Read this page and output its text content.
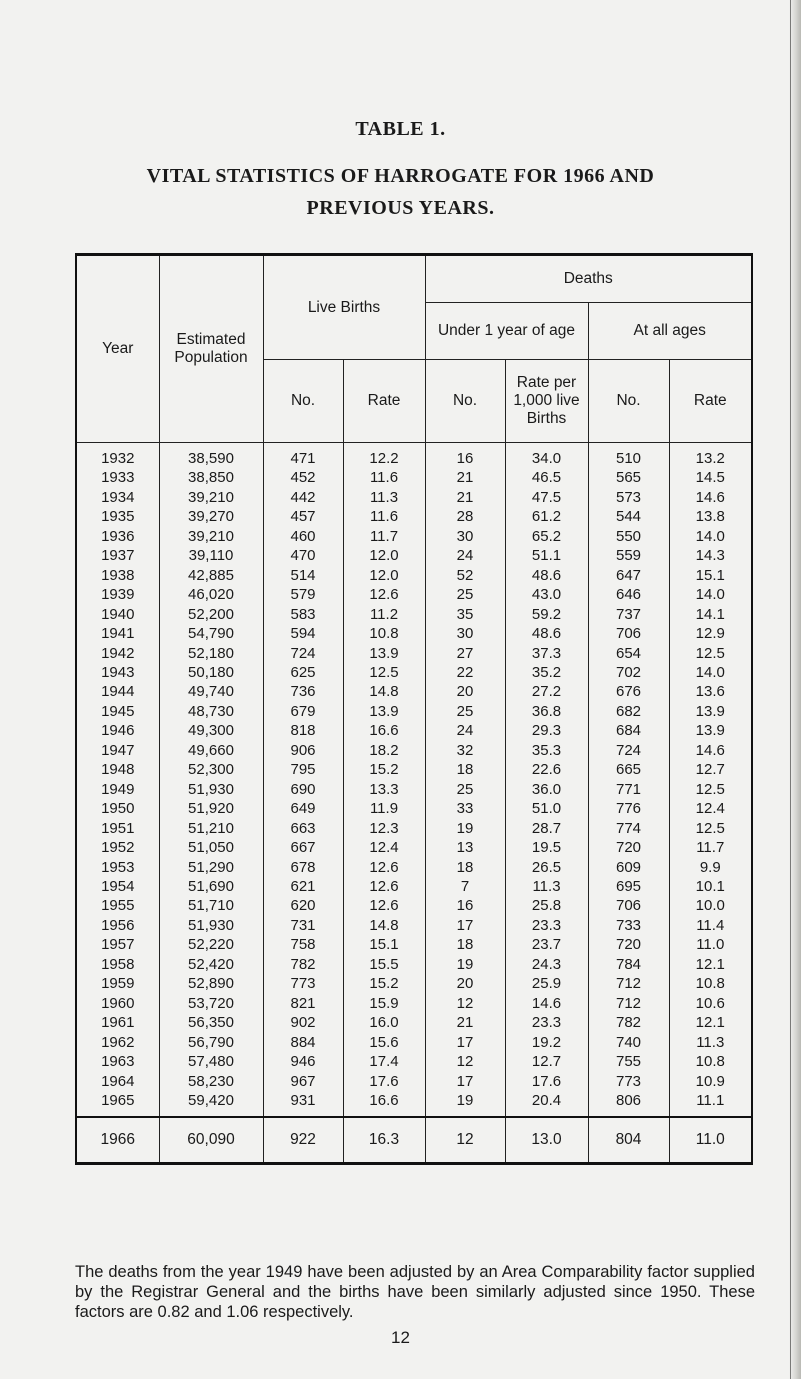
TABLE 1.
VITAL STATISTICS OF HARROGATE FOR 1966 AND
PREVIOUS YEARS.
Year	Estimated Population	Live Births		Deaths			
				Under 1 year of age		At all ages	
		No.	Rate	No.	Rate per 1,000 live Births	No.	Rate
1932	38,590	471	12.2	16	34.0	510	13.2
1933	38,850	452	11.6	21	46.5	565	14.5
1934	39,210	442	11.3	21	47.5	573	14.6
1935	39,270	457	11.6	28	61.2	544	13.8
1936	39,210	460	11.7	30	65.2	550	14.0
1937	39,110	470	12.0	24	51.1	559	14.3
1938	42,885	514	12.0	52	48.6	647	15.1
1939	46,020	579	12.6	25	43.0	646	14.0
1940	52,200	583	11.2	35	59.2	737	14.1
1941	54,790	594	10.8	30	48.6	706	12.9
1942	52,180	724	13.9	27	37.3	654	12.5
1943	50,180	625	12.5	22	35.2	702	14.0
1944	49,740	736	14.8	20	27.2	676	13.6
1945	48,730	679	13.9	25	36.8	682	13.9
1946	49,300	818	16.6	24	29.3	684	13.9
1947	49,660	906	18.2	32	35.3	724	14.6
1948	52,300	795	15.2	18	22.6	665	12.7
1949	51,930	690	13.3	25	36.0	771	12.5
1950	51,920	649	11.9	33	51.0	776	12.4
1951	51,210	663	12.3	19	28.7	774	12.5
1952	51,050	667	12.4	13	19.5	720	11.7
1953	51,290	678	12.6	18	26.5	609	9.9
1954	51,690	621	12.6	7	11.3	695	10.1
1955	51,710	620	12.6	16	25.8	706	10.0
1956	51,930	731	14.8	17	23.3	733	11.4
1957	52,220	758	15.1	18	23.7	720	11.0
1958	52,420	782	15.5	19	24.3	784	12.1
1959	52,890	773	15.2	20	25.9	712	10.8
1960	53,720	821	15.9	12	14.6	712	10.6
1961	56,350	902	16.0	21	23.3	782	12.1
1962	56,790	884	15.6	17	19.2	740	11.3
1963	57,480	946	17.4	12	12.7	755	10.8
1964	58,230	967	17.6	17	17.6	773	10.9
1965	59,420	931	16.6	19	20.4	806	11.1
1966	60,090	922	16.3	12	13.0	804	11.0
The deaths from the year 1949 have been adjusted by an Area Comparability factor supplied by the Registrar General and the births have been similarly adjusted since 1950. These factors are 0.82 and 1.06 respectively.
12
